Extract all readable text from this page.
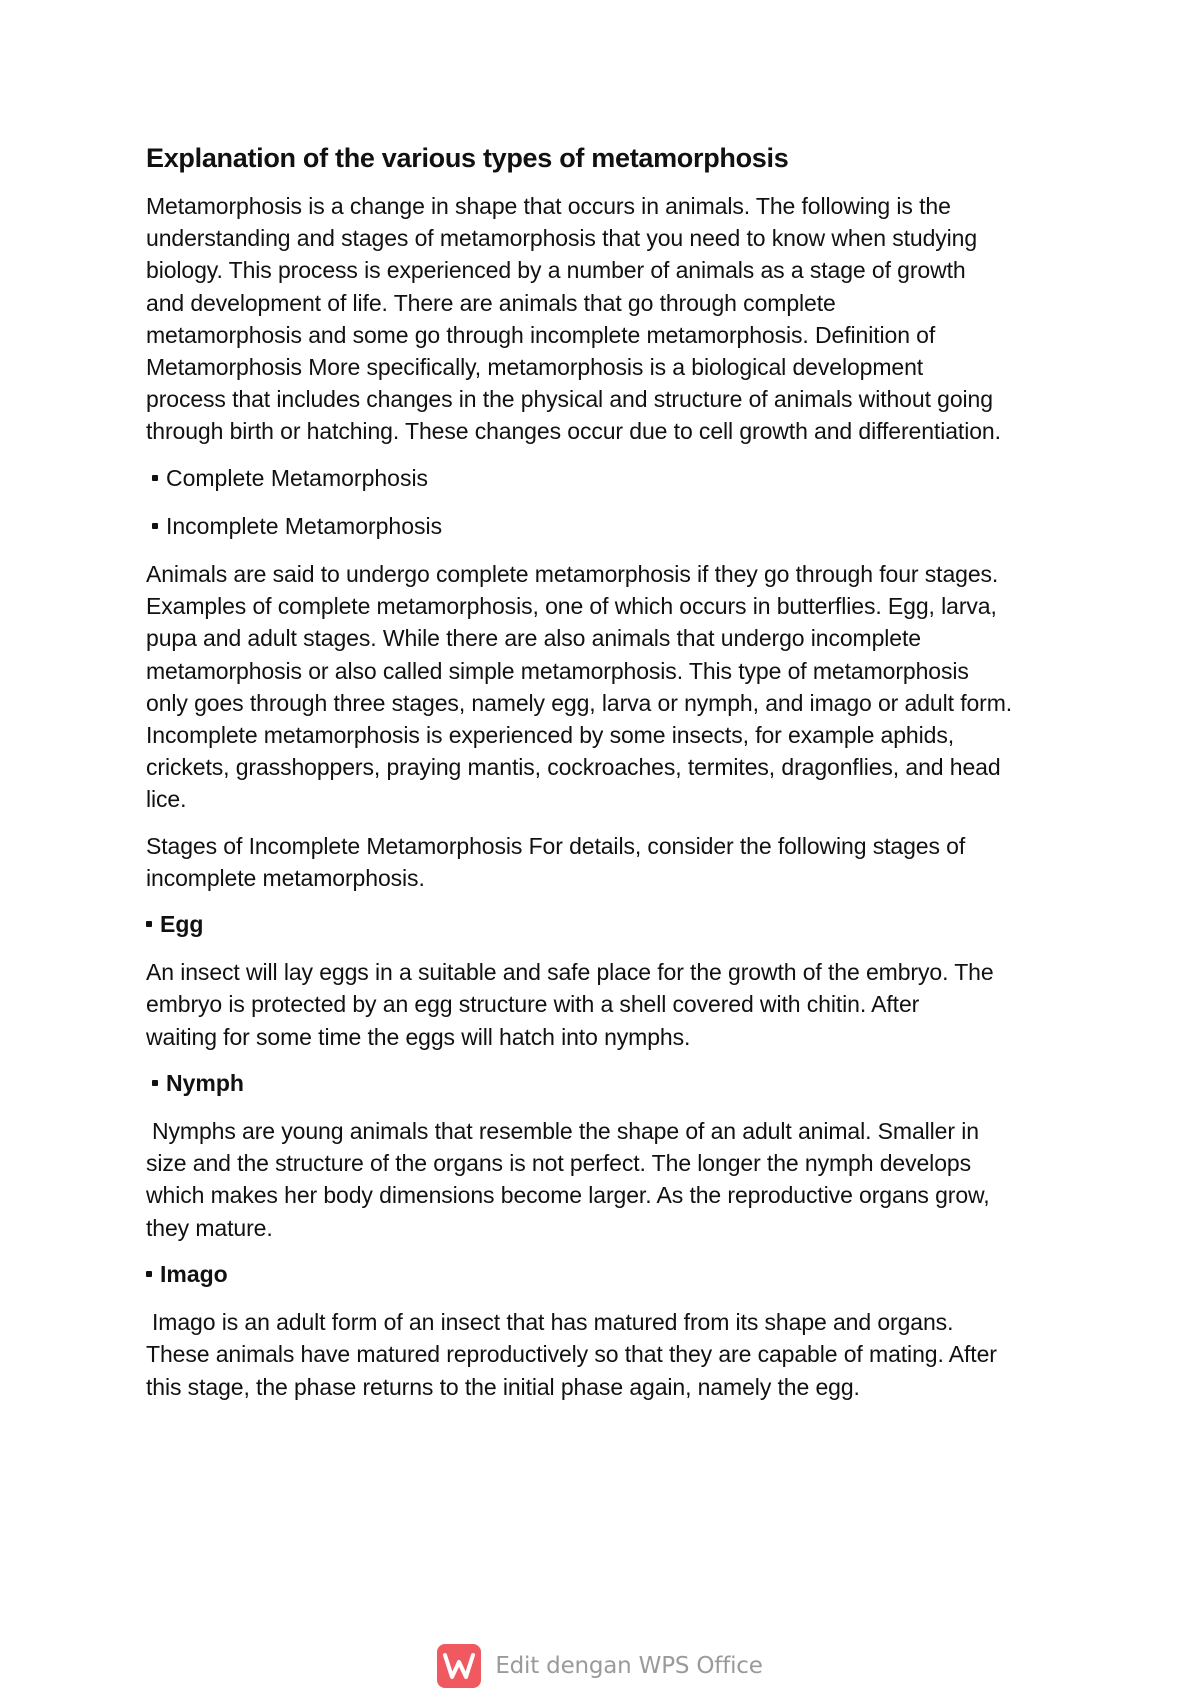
Explanation of the various types of metamorphosis

Metamorphosis is a change in shape that occurs in animals. The following is the
understanding and stages of metamorphosis that you need to know when studying
biology. This process is experienced by a number of animals as a stage of growth
and development of life. There are animals that go through complete
metamorphosis and some go through incomplete metamorphosis. Definition of
Metamorphosis More specifically, metamorphosis is a biological development
process that includes changes in the physical and structure of animals without going
through birth or hatching. These changes occur due to cell growth and differentiation.

Complete Metamorphosis
Incomplete Metamorphosis

Animals are said to undergo complete metamorphosis if they go through four stages.
Examples of complete metamorphosis, one of which occurs in butterflies. Egg, larva,
pupa and adult stages. While there are also animals that undergo incomplete
metamorphosis or also called simple metamorphosis. This type of metamorphosis
only goes through three stages, namely egg, larva or nymph, and imago or adult form.
Incomplete metamorphosis is experienced by some insects, for example aphids,
crickets, grasshoppers, praying mantis, cockroaches, termites, dragonflies, and head
lice.

Stages of Incomplete Metamorphosis For details, consider the following stages of
incomplete metamorphosis.

Egg

An insect will lay eggs in a suitable and safe place for the growth of the embryo. The
embryo is protected by an egg structure with a shell covered with chitin. After
waiting for some time the eggs will hatch into nymphs.

Nymph

Nymphs are young animals that resemble the shape of an adult animal. Smaller in
size and the structure of the organs is not perfect. The longer the nymph develops
which makes her body dimensions become larger. As the reproductive organs grow,
they mature.

Imago

Imago is an adult form of an insect that has matured from its shape and organs.
These animals have matured reproductively so that they are capable of mating. After
this stage, the phase returns to the initial phase again, namely the egg.

Edit dengan WPS Office
